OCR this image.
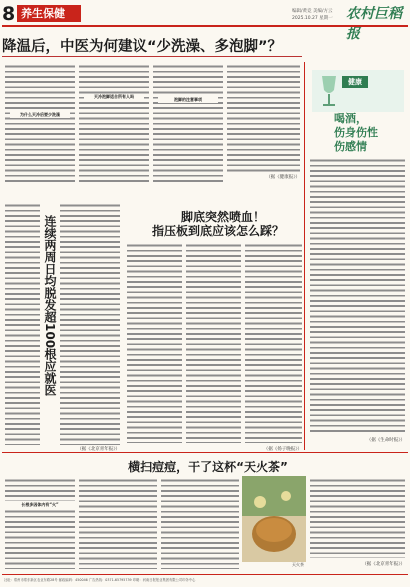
8 养生保健	编辑/黄竞 美编/方云
2025.10.27 星期一 农村巨稻报
降温后，中医为何建议“少洗澡、多泡脚”？
为什么天冷后要少洗澡
天冷泡脚适合所有人吗
泡脚的注意事项
（据《健康报》）
健康
喝酒，
伤身伤性
伤感情
（据《生命时报》）
连续两周日均脱发超100根应就医
（据《北京青年报》）
脚底突然喷血！
指压板到底应该怎么踩？
（据《扬子晚报》）
横扫痘痘，干了这杯“天火茶”
长根多因体内有“火”
天火茶	（据《北京青年报》）
社址：郑州市郑东新区农业东路28号 邮政编码：450046 广告热线：0371-65795739 印刷：河南日报报业集团有限公司印务中心
